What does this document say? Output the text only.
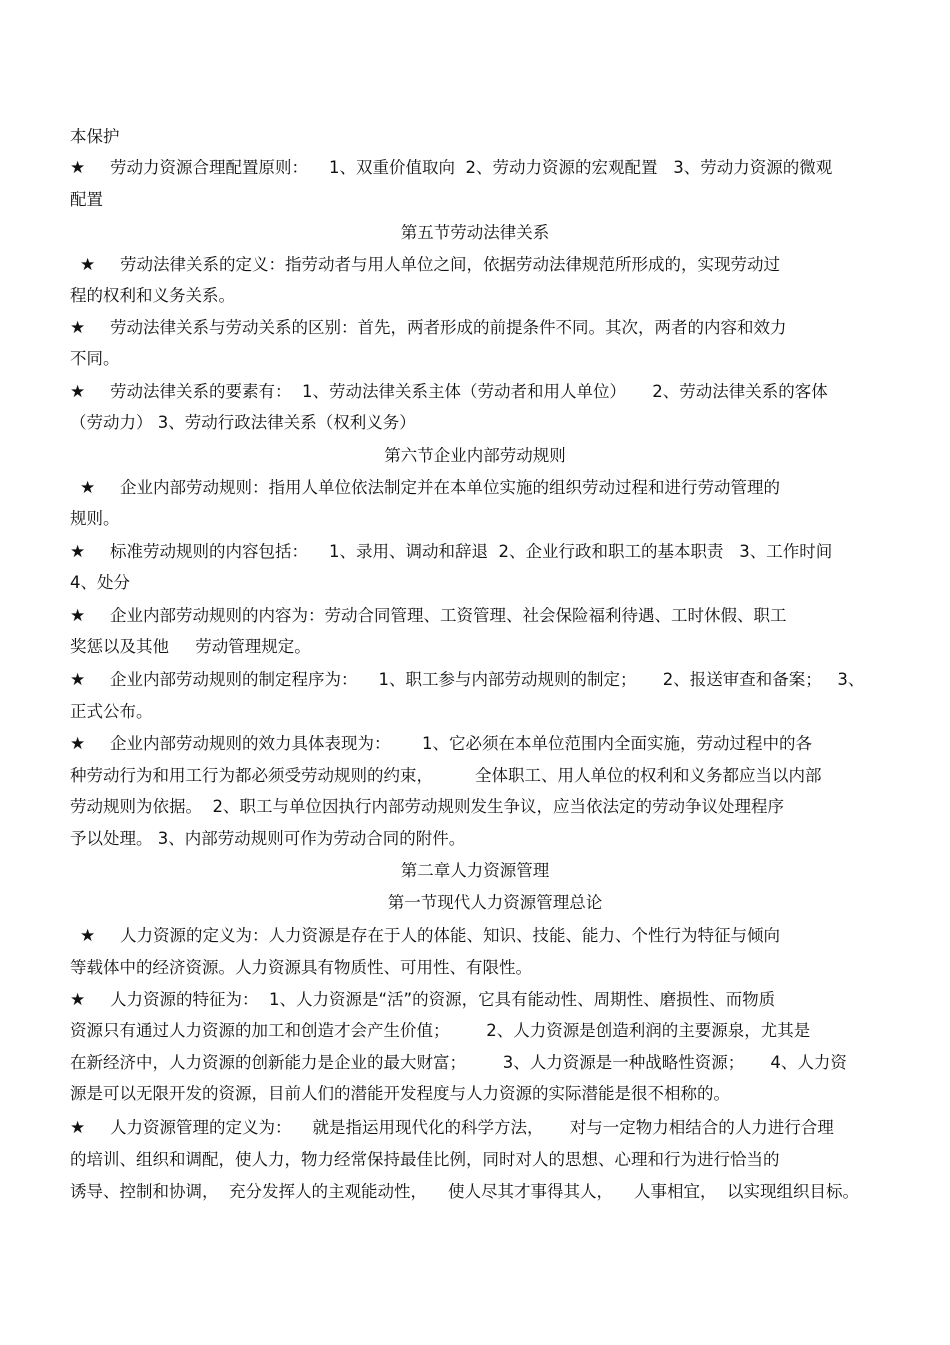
本保护
★ 劳动力资源合理配置原则：    1、双重价值取向  2、劳动力资源的宏观配置   3、劳动力资源的微观
配置
第五节劳动法律关系
★ 劳动法律关系的定义：指劳动者与用人单位之间，依据劳动法律规范所形成的，实现劳动过
程的权利和义务关系。
★ 劳动法律关系与劳动关系的区别：首先，两者形成的前提条件不同。其次，两者的内容和效力
不同。
★ 劳动法律关系的要素有：  1、劳动法律关系主体（劳动者和用人单位）     2、劳动法律关系的客体
（劳动力） 3、劳动行政法律关系（权利义务）
第六节企业内部劳动规则
★ 企业内部劳动规则：指用人单位依法制定并在本单位实施的组织劳动过程和进行劳动管理的
规则。
★ 标准劳动规则的内容包括：    1、录用、调动和辞退  2、企业行政和职工的基本职责   3、工作时间
4、处分
★ 企业内部劳动规则的内容为：劳动合同管理、工资管理、社会保险福利待遇、工时休假、职工
奖惩以及其他     劳动管理规定。
★ 企业内部劳动规则的制定程序为：    1、职工参与内部劳动规则的制定；     2、报送审查和备案；   3、
正式公布。
★ 企业内部劳动规则的效力具体表现为：      1、它必须在本单位范围内全面实施，劳动过程中的各
种劳动行为和用工行为都必须受劳动规则的约束，        全体职工、用人单位的权利和义务都应当以内部
劳动规则为依据。  2、职工与单位因执行内部劳动规则发生争议，应当依法定的劳动争议处理程序
予以处理。 3、内部劳动规则可作为劳动合同的附件。
第二章人力资源管理
第一节现代人力资源管理总论
★ 人力资源的定义为：人力资源是存在于人的体能、知识、技能、能力、个性行为特征与倾向
等载体中的经济资源。人力资源具有物质性、可用性、有限性。
★ 人力资源的特征为：  1、人力资源是“活”的资源，它具有能动性、周期性、磨损性、而物质
资源只有通过人力资源的加工和创造才会产生价值；       2、人力资源是创造利润的主要源泉，尤其是
在新经济中，人力资源的创新能力是企业的最大财富；       3、人力资源是一种战略性资源；     4、人力资
源是可以无限开发的资源，目前人们的潜能开发程度与人力资源的实际潜能是很不相称的。
★ 人力资源管理的定义为：    就是指运用现代化的科学方法，     对与一定物力相结合的人力进行合理
的培训、组织和调配，使人力，物力经常保持最佳比例，同时对人的思想、心理和行为进行恰当的
诱导、控制和协调，  充分发挥人的主观能动性，    使人尽其才事得其人，    人事相宜，  以实现组织目标。
